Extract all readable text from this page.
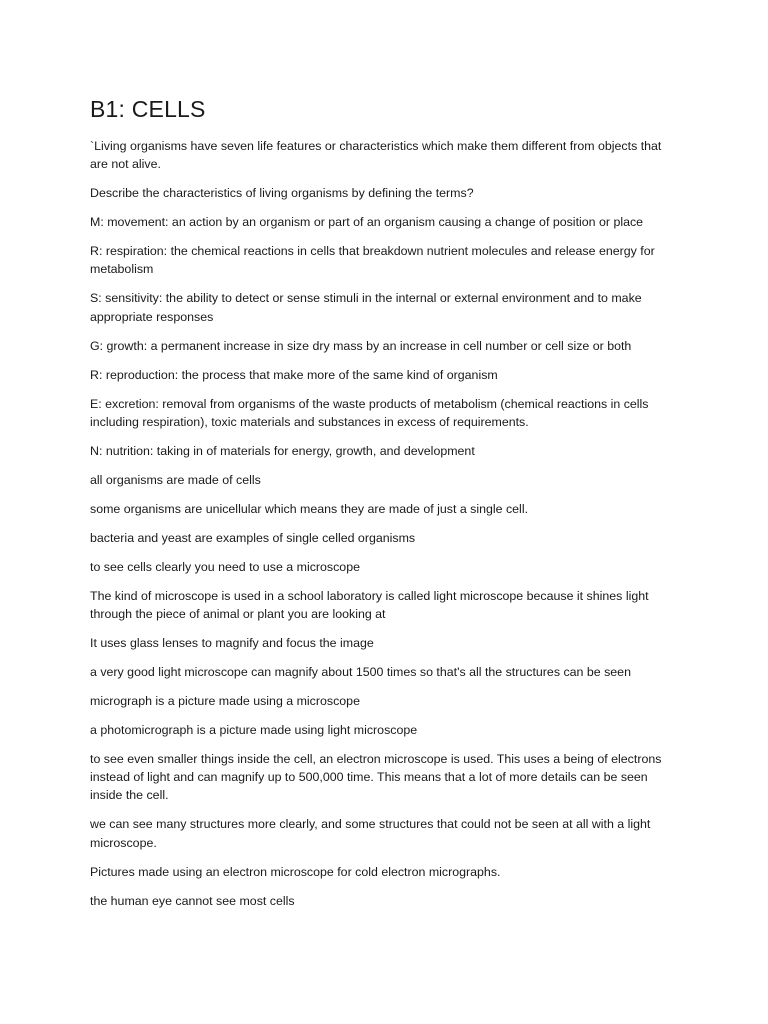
B1: CELLS

`Living organisms have seven life features or characteristics which make them different from objects that are not alive.

Describe the characteristics of living organisms by defining the terms?

M: movement: an action by an organism or part of an organism causing a change of position or place

R: respiration: the chemical reactions in cells that breakdown nutrient molecules and release energy for metabolism

S: sensitivity: the ability to detect or sense stimuli in the internal or external environment and to make appropriate responses

G: growth: a permanent increase in size dry mass by an increase in cell number or cell size or both

R: reproduction: the process that make more of the same kind of organism

E: excretion: removal from organisms of the waste products of metabolism (chemical reactions in cells including respiration), toxic materials and substances in excess of requirements.

N: nutrition: taking in of materials for energy, growth, and development

all organisms are made of cells

some organisms are unicellular which means they are made of just a single cell.

bacteria and yeast are examples of single celled organisms

to see cells clearly you need to use a microscope

The kind of microscope is used in a school laboratory is called light microscope because it shines light through the piece of animal or plant you are looking at

It uses glass lenses to magnify and focus the image

a very good light microscope can magnify about 1500 times so that's all the structures can be seen

micrograph is a picture made using a microscope

a photomicrograph is a picture made using light microscope

to see even smaller things inside the cell, an electron microscope is used. This uses a being of electrons instead of light and can magnify up to 500,000 time. This means that a lot of more details can be seen inside the cell.

we can see many structures more clearly, and some structures that could not be seen at all with a light microscope.

Pictures made using an electron microscope for cold electron micrographs.

the human eye cannot see most cells
